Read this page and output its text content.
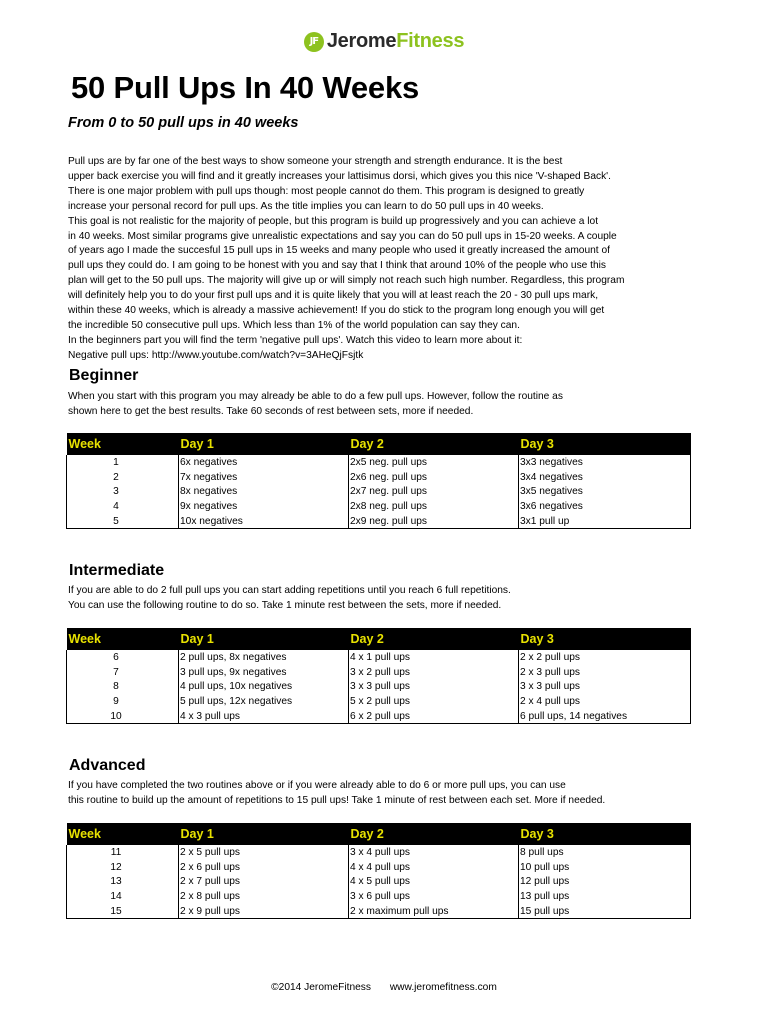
JF JeromeFitness
50 Pull Ups In 40 Weeks
From 0 to 50 pull ups in 40 weeks
Pull ups are by far one of the best ways to show someone your strength and strength endurance. It is the best
upper back exercise you will find and it greatly increases your lattisimus dorsi, which gives you this nice 'V-shaped Back'.
There is one major problem with pull ups though: most people cannot do them. This program is designed to greatly
increase your personal record for pull ups. As the title implies you can learn to do 50 pull ups in 40 weeks.
This goal is not realistic for the majority of people, but this program is build up progressively and you can achieve a lot
in 40 weeks. Most similar programs give unrealistic expectations and say you can do 50 pull ups in 15-20 weeks. A couple
of years ago I made the succesful 15 pull ups in 15 weeks and many people who used it greatly increased the amount of
pull ups they could do. I am going to be honest with you and say that I think that around 10% of the people who use this
plan will get to the 50 pull ups. The majority will give up or will simply not reach such high number. Regardless, this program
will definitely help you to do your first pull ups and it is quite likely that you will at least reach the 20 - 30 pull ups mark,
within these 40 weeks, which is already a massive achievement! If you do stick to the program long enough you will get
the incredible 50 consecutive pull ups. Which less than 1% of the world population can say they can.
In the beginners part you will find the term 'negative pull ups'. Watch this video to learn more about it:
Negative pull ups: http://www.youtube.com/watch?v=3AHeQjFsjtk
Beginner
When you start with this program you may already be able to do a few pull ups. However, follow the routine as
shown here to get the best results. Take 60 seconds of rest between sets, more if needed.
Week	Day 1	Day 2	Day 3
1	6x negatives	2x5 neg. pull ups	3x3 negatives
2	7x negatives	2x6 neg. pull ups	3x4 negatives
3	8x negatives	2x7 neg. pull ups	3x5 negatives
4	9x negatives	2x8 neg. pull ups	3x6 negatives
5	10x negatives	2x9 neg. pull ups	3x1 pull up
Intermediate
If you are able to do 2 full pull ups you can start adding repetitions until you reach 6 full repetitions.
You can use the following routine to do so. Take 1 minute rest between the sets, more if needed.
Week	Day 1	Day 2	Day 3
6	2 pull ups, 8x negatives	4 x 1 pull ups	2 x 2 pull ups
7	3 pull ups, 9x negatives	3 x 2 pull ups	2 x 3 pull ups
8	4 pull ups, 10x negatives	3 x 3 pull ups	3 x 3 pull ups
9	5 pull ups, 12x negatives	5 x 2 pull ups	2 x 4 pull ups
10	4 x 3 pull ups	6 x 2 pull ups	6 pull ups, 14 negatives
Advanced
If you have completed the two routines above or if you were already able to do 6 or more pull ups, you can use
this routine to build up the amount of repetitions to 15 pull ups! Take 1 minute of rest between each set. More if needed.
Week	Day 1	Day 2	Day 3
11	2 x 5 pull ups	3 x 4 pull ups	8 pull ups
12	2 x 6 pull ups	4 x 4 pull ups	10 pull ups
13	2 x 7 pull ups	4 x 5 pull ups	12 pull ups
14	2 x 8 pull ups	3 x 6 pull ups	13 pull ups
15	2 x 9 pull ups	2 x maximum pull ups	15 pull ups
©2014 JeromeFitness www.jeromefitness.com
